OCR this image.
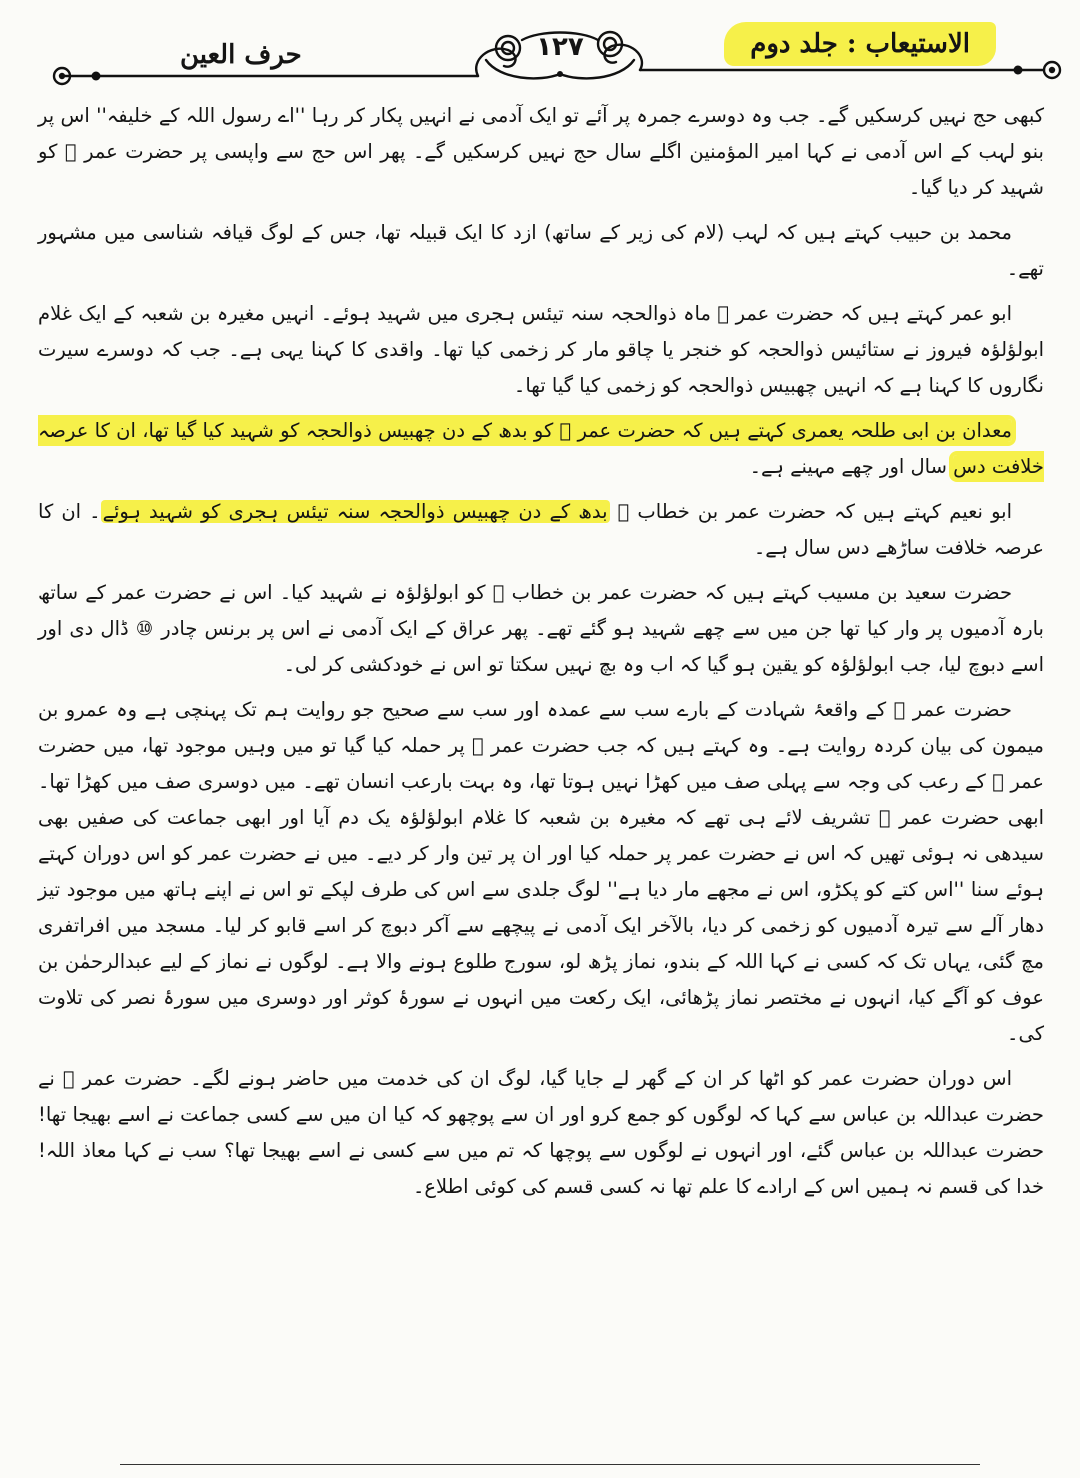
الاستیعاب : جلد دوم
١٢٧
حرف العین

کبھی حج نہیں کرسکیں گے۔ جب وہ دوسرے جمرہ پر آئے تو ایک آدمی نے انہیں پکار کر رہا ''اے رسول اللہ کے خلیفہ'' اس پر بنو لہب کے اس آدمی نے کہا امیر المؤمنین اگلے سال حج نہیں کرسکیں گے۔ پھر اس حج سے واپسی پر حضرت عمر ﷛ کو شہید کر دیا گیا۔

محمد بن حبیب کہتے ہیں کہ لہب (لام کی زیر کے ساتھ) ازد کا ایک قبیلہ تھا، جس کے لوگ قیافہ شناسی میں مشہور تھے۔

ابو عمر کہتے ہیں کہ حضرت عمر ﷛ ماہ ذوالحجہ سنہ تیئس ہجری میں شہید ہوئے۔ انہیں مغیرہ بن شعبہ کے ایک غلام ابولؤلؤہ فیروز نے ستائیس ذوالحجہ کو خنجر یا چاقو مار کر زخمی کیا تھا۔ واقدی کا کہنا یہی ہے۔ جب کہ دوسرے سیرت نگاروں کا کہنا ہے کہ انہیں چھبیس ذوالحجہ کو زخمی کیا گیا تھا۔

معدان بن ابی طلحہ یعمری کہتے ہیں کہ حضرت عمر ﷛ کو بدھ کے دن چھبیس ذوالحجہ کو شہید کیا گیا تھا، ان کا عرصہ خلافت دس سال اور چھے مہینے ہے۔

ابو نعیم کہتے ہیں کہ حضرت عمر بن خطاب ﷛ بدھ کے دن چھبیس ذوالحجہ سنہ تیئس ہجری کو شہید ہوئے۔ ان کا عرصہ خلافت ساڑھے دس سال ہے۔

حضرت سعید بن مسیب کہتے ہیں کہ حضرت عمر بن خطاب ﷛ کو ابولؤلؤہ نے شہید کیا۔ اس نے حضرت عمر کے ساتھ بارہ آدمیوں پر وار کیا تھا جن میں سے چھے شہید ہو گئے تھے۔ پھر عراق کے ایک آدمی نے اس پر برنس چادر ⑩ ڈال دی اور اسے دبوچ لیا، جب ابولؤلؤہ کو یقین ہو گیا کہ اب وہ بچ نہیں سکتا تو اس نے خودکشی کر لی۔

حضرت عمر ﷛ کے واقعۂ شہادت کے بارے سب سے عمدہ اور سب سے صحیح جو روایت ہم تک پہنچی ہے وہ عمرو بن میمون کی بیان کردہ روایت ہے۔ وہ کہتے ہیں کہ جب حضرت عمر ﷛ پر حملہ کیا گیا تو میں وہیں موجود تھا، میں حضرت عمر ﷛ کے رعب کی وجہ سے پہلی صف میں کھڑا نہیں ہوتا تھا، وہ بہت بارعب انسان تھے۔ میں دوسری صف میں کھڑا تھا۔ ابھی حضرت عمر ﷛ تشریف لائے ہی تھے کہ مغیرہ بن شعبہ کا غلام ابولؤلؤہ یک دم آیا اور ابھی جماعت کی صفیں بھی سیدھی نہ ہوئی تھیں کہ اس نے حضرت عمر پر حملہ کیا اور ان پر تین وار کر دیے۔ میں نے حضرت عمر کو اس دوران کہتے ہوئے سنا ''اس کتے کو پکڑو، اس نے مجھے مار دیا ہے'' لوگ جلدی سے اس کی طرف لپکے تو اس نے اپنے ہاتھ میں موجود تیز دھار آلے سے تیرہ آدمیوں کو زخمی کر دیا، بالآخر ایک آدمی نے پیچھے سے آکر دبوچ کر اسے قابو کر لیا۔ مسجد میں افراتفری مچ گئی، یہاں تک کہ کسی نے کہا اللہ کے بندو، نماز پڑھ لو، سورج طلوع ہونے والا ہے۔ لوگوں نے نماز کے لیے عبدالرحمٰن بن عوف کو آگے کیا، انہوں نے مختصر نماز پڑھائی، ایک رکعت میں انہوں نے سورۂ کوثر اور دوسری میں سورۂ نصر کی تلاوت کی۔

اس دوران حضرت عمر کو اٹھا کر ان کے گھر لے جایا گیا، لوگ ان کی خدمت میں حاضر ہونے لگے۔ حضرت عمر ﷛ نے حضرت عبداللہ بن عباس سے کہا کہ لوگوں کو جمع کرو اور ان سے پوچھو کہ کیا ان میں سے کسی جماعت نے اسے بھیجا تھا! حضرت عبداللہ بن عباس گئے، اور انہوں نے لوگوں سے پوچھا کہ تم میں سے کسی نے اسے بھیجا تھا؟ سب نے کہا معاذ اللہ! خدا کی قسم نہ ہمیں اس کے ارادے کا علم تھا نہ کسی قسم کی کوئی اطلاع۔
